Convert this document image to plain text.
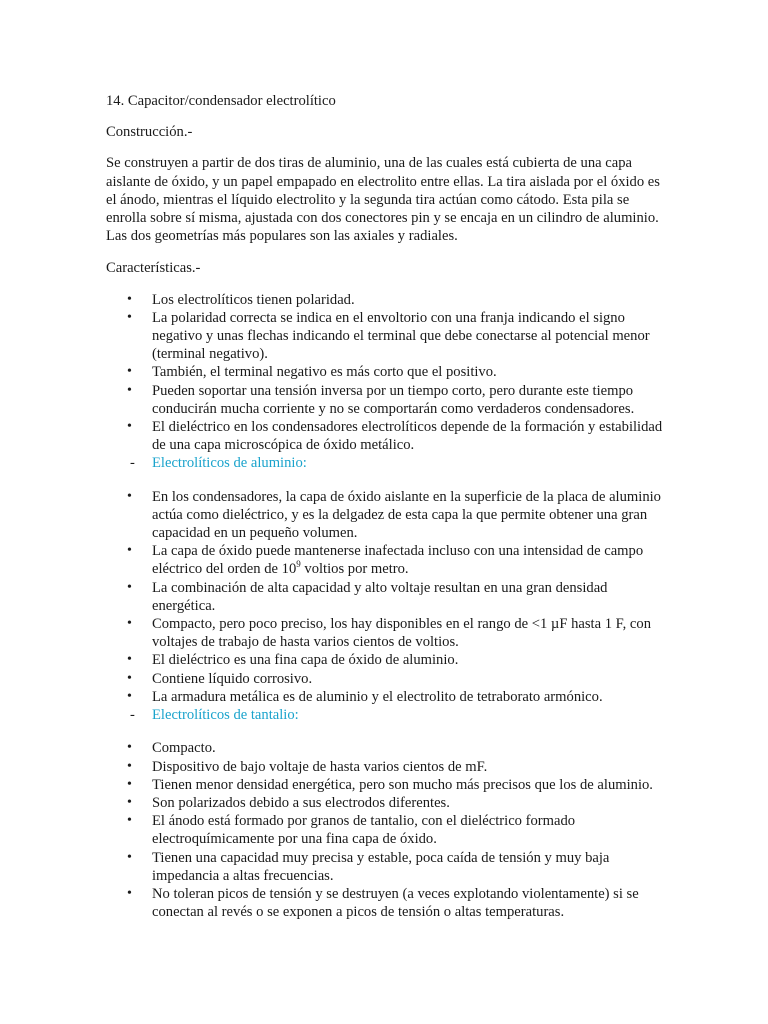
14. Capacitor/condensador electrolítico

Construcción.-

Se construyen a partir de dos tiras de aluminio, una de las cuales está cubierta de una capa aislante de óxido, y un papel empapado en electrolito entre ellas. La tira aislada por el óxido es el ánodo, mientras el líquido electrolito y la segunda tira actúan como cátodo. Esta pila se enrolla sobre sí misma, ajustada con dos conectores pin y se encaja en un cilindro de aluminio. Las dos geometrías más populares son las axiales y radiales.

Características.-

• Los electrolíticos tienen polaridad.
• La polaridad correcta se indica en el envoltorio con una franja indicando el signo negativo y unas flechas indicando el terminal que debe conectarse al potencial menor (terminal negativo).
• También, el terminal negativo es más corto que el positivo.
• Pueden soportar una tensión inversa por un tiempo corto, pero durante este tiempo conducirán mucha corriente y no se comportarán como verdaderos condensadores.
• El dieléctrico en los condensadores electrolíticos depende de la formación y estabilidad de una capa microscópica de óxido metálico.

- Electrolíticos de aluminio:

• En los condensadores, la capa de óxido aislante en la superficie de la placa de aluminio actúa como dieléctrico, y es la delgadez de esta capa la que permite obtener una gran capacidad en un pequeño volumen.
• La capa de óxido puede mantenerse inafectada incluso con una intensidad de campo eléctrico del orden de $10^9$ voltios por metro.
• La combinación de alta capacidad y alto voltaje resultan en una gran densidad energética.
• Compacto, pero poco preciso, los hay disponibles en el rango de <1 µF hasta 1 F, con voltajes de trabajo de hasta varios cientos de voltios.
• El dieléctrico es una fina capa de óxido de aluminio.
• Contiene líquido corrosivo.
• La armadura metálica es de aluminio y el electrolito de tetraborato armónico.

- Electrolíticos de tantalio:

• Compacto.
• Dispositivo de bajo voltaje de hasta varios cientos de mF.
• Tienen menor densidad energética, pero son mucho más precisos que los de aluminio.
• Son polarizados debido a sus electrodos diferentes.
• El ánodo está formado por granos de tantalio, con el dieléctrico formado electroquímicamente por una fina capa de óxido.
• Tienen una capacidad muy precisa y estable, poca caída de tensión y muy baja impedancia a altas frecuencias.
• No toleran picos de tensión y se destruyen (a veces explotando violentamente) si se conectan al revés o se exponen a picos de tensión o altas temperaturas.
